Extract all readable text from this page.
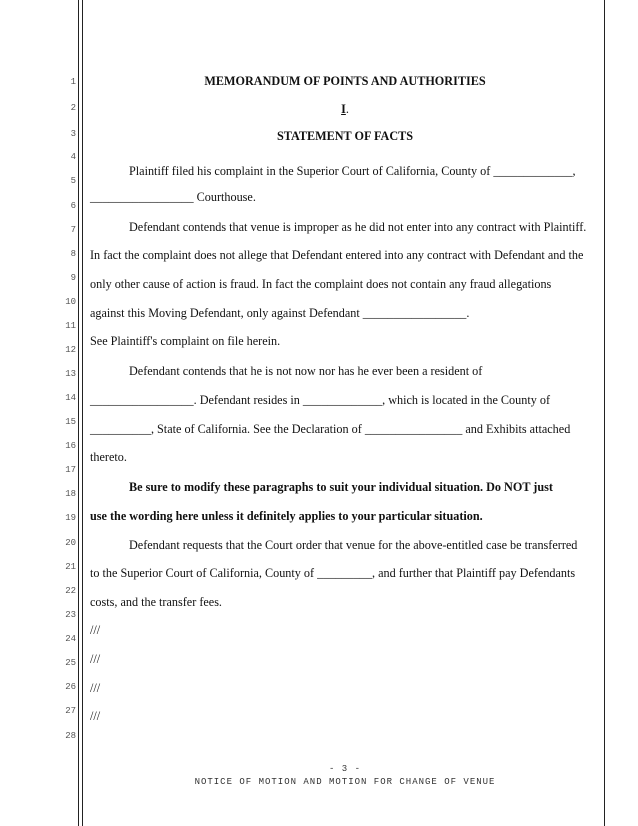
1
2
3
4
5
6
7
8
9
10
11
12
13
14
15
16
17
18
19
20
21
22
23
24
25
26
27
28
MEMORANDUM OF POINTS AND AUTHORITIES
I.
STATEMENT OF FACTS
Plaintiff filed his complaint in the Superior Court of California, County of _____________,
_________________ Courthouse.
Defendant contends that venue is improper as he did not enter into any contract with Plaintiff.
In fact the complaint does not allege that Defendant entered into any contract with Defendant and the
only other cause of action is fraud. In fact the complaint does not contain any fraud allegations
against this Moving Defendant, only against Defendant _________________.
See Plaintiff's complaint on file herein.
Defendant contends that he is not now nor has he ever been a resident of
_________________. Defendant resides in _____________, which is located in the County of
__________, State of California. See the Declaration of ________________ and Exhibits attached
thereto.
Be sure to modify these paragraphs to suit your individual situation. Do NOT just
use the wording here unless it definitely applies to your particular situation.
Defendant requests that the Court order that venue for the above-entitled case be transferred
to the Superior Court of California, County of _________, and further that Plaintiff pay Defendants
costs, and the transfer fees.
///
///
///
///
- 3 -
NOTICE OF MOTION AND MOTION FOR CHANGE OF VENUE
